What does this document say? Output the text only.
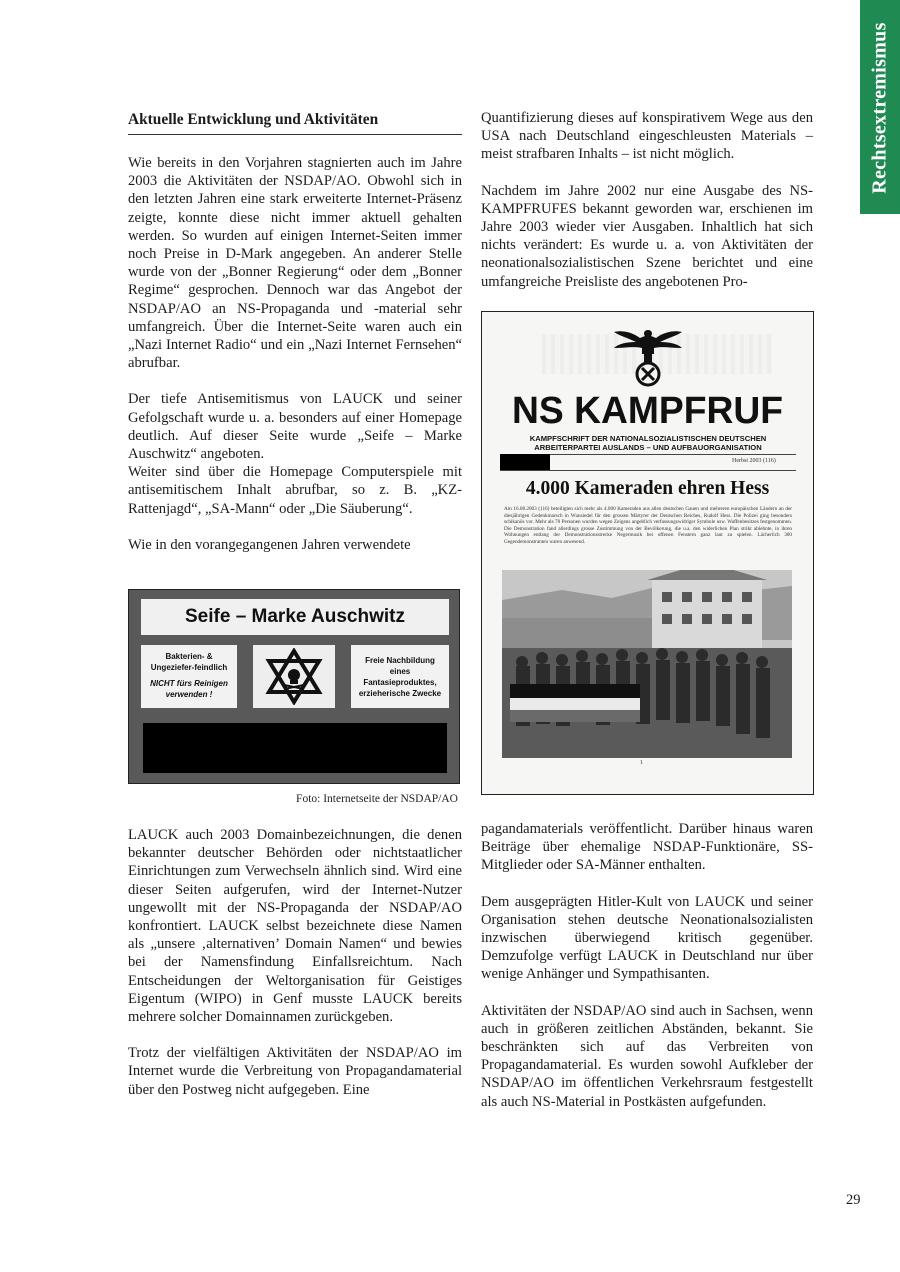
Rechtsextremismus
Aktuelle Entwicklung und Aktivitäten

Wie bereits in den Vorjahren stagnierten auch im Jahre 2003 die Aktivitäten der NSDAP/AO. Obwohl sich in den letzten Jahren eine stark erweiterte Internet-Präsenz zeigte, konnte diese nicht immer aktuell gehalten werden. So wurden auf einigen Internet-Seiten immer noch Preise in D-Mark angegeben. An anderer Stelle wurde von der „Bonner Regierung“ oder dem „Bonner Regime“ gesprochen. Dennoch war das Angebot der NSDAP/AO an NS-Propaganda und -material sehr umfangreich. Über die Internet-Seite waren auch ein „Nazi Internet Radio“ und ein „Nazi Internet Fernsehen“ abrufbar.

Der tiefe Antisemitismus von LAUCK und seiner Gefolgschaft wurde u. a. besonders auf einer Homepage deutlich. Auf dieser Seite wurde „Seife – Marke Auschwitz“ angeboten.

Weiter sind über die Homepage Computerspiele mit antisemitischem Inhalt abrufbar, so z. B. „KZ-Rattenjagd“, „SA-Mann“ oder „Die Säuberung“.

Wie in den vorangegangenen Jahren verwendete

Seife – Marke Auschwitz
Bakterien- & Ungeziefer-feindlich
NICHT fürs Reinigen verwenden !
Freie Nachbildung eines Fantasieproduktes, erzieherische Zwecke
Foto: Internetseite der NSDAP/AO

LAUCK auch 2003 Domainbezeichnungen, die denen bekannter deutscher Behörden oder nichtstaatlicher Einrichtungen zum Verwechseln ähnlich sind. Wird eine dieser Seiten aufgerufen, wird der Internet-Nutzer ungewollt mit der NS-Propaganda der NSDAP/AO konfrontiert. LAUCK selbst bezeichnete diese Namen als „unsere ‚alternativen’ Domain Namen“ und bewies bei der Namensfindung Einfallsreichtum. Nach Entscheidungen der Weltorganisation für Geistiges Eigentum (WIPO) in Genf musste LAUCK bereits mehrere solcher Domainnamen zurückgeben.

Trotz der vielfältigen Aktivitäten der NSDAP/AO im Internet wurde die Verbreitung von Propagandamaterial über den Postweg nicht aufgegeben. Eine

Quantifizierung dieses auf konspirativem Wege aus den USA nach Deutschland eingeschleusten Materials – meist strafbaren Inhalts – ist nicht möglich.

Nachdem im Jahre 2002 nur eine Ausgabe des NS-KAMPFRUFES bekannt geworden war, erschienen im Jahre 2003 wieder vier Ausgaben. Inhaltlich hat sich nichts verändert: Es wurde u. a. von Aktivitäten der neonationalsozialistischen Szene berichtet und eine umfangreiche Preisliste des angebotenen Pro-

NS KAMPFRUF
KAMPFSCHRIFT DER NATIONALSOZIALISTISCHEN DEUTSCHEN
ARBEITERPARTEI AUSLANDS – UND AUFBAUORGANISATION
Herbst 2003 (116)
4.000 Kameraden ehren Hess
Am 16.08.2003 (116) beteiligten sich mehr als 4.000 Kameraden aus allen deutschen Gauen und mehreren europäischen Ländern an der diesjährigen Gedenkmarsch in Wunsiedel für den grossen Märtyrer der Deutschen Reiches, Rudolf Hess. Die Polizei ging besonders schikanös vor. Mehr als 70 Personen wurden wegen Zeigens angeblich verfassungswidriger Symbole usw. Waffenbesitzes festgenommen. Die Demonstration fand allerdings grosse Zustimmung von der Bevölkerung, die u.a. den widerlichen Plan strikt ablehnte, in ihren Wohnungen entlang der Demonstrationsstrecke Negermusik bei offenen Fenstern ganz laut zu spielen. Lächerlich 300 Gegendemonstranten waren anwesend.
1

pagandamaterials veröffentlicht. Darüber hinaus waren Beiträge über ehemalige NSDAP-Funktionäre, SS-Mitglieder oder SA-Männer enthalten.

Dem ausgeprägten Hitler-Kult von LAUCK und seiner Organisation stehen deutsche Neonationalsozialisten inzwischen überwiegend kritisch gegenüber. Demzufolge verfügt LAUCK in Deutschland nur über wenige Anhänger und Sympathisanten.

Aktivitäten der NSDAP/AO sind auch in Sachsen, wenn auch in größeren zeitlichen Abständen, bekannt. Sie beschränkten sich auf das Verbreiten von Propagandamaterial. Es wurden sowohl Aufkleber der NSDAP/AO im öffentlichen Verkehrsraum festgestellt als auch NS-Material in Postkästen aufgefunden.

29
